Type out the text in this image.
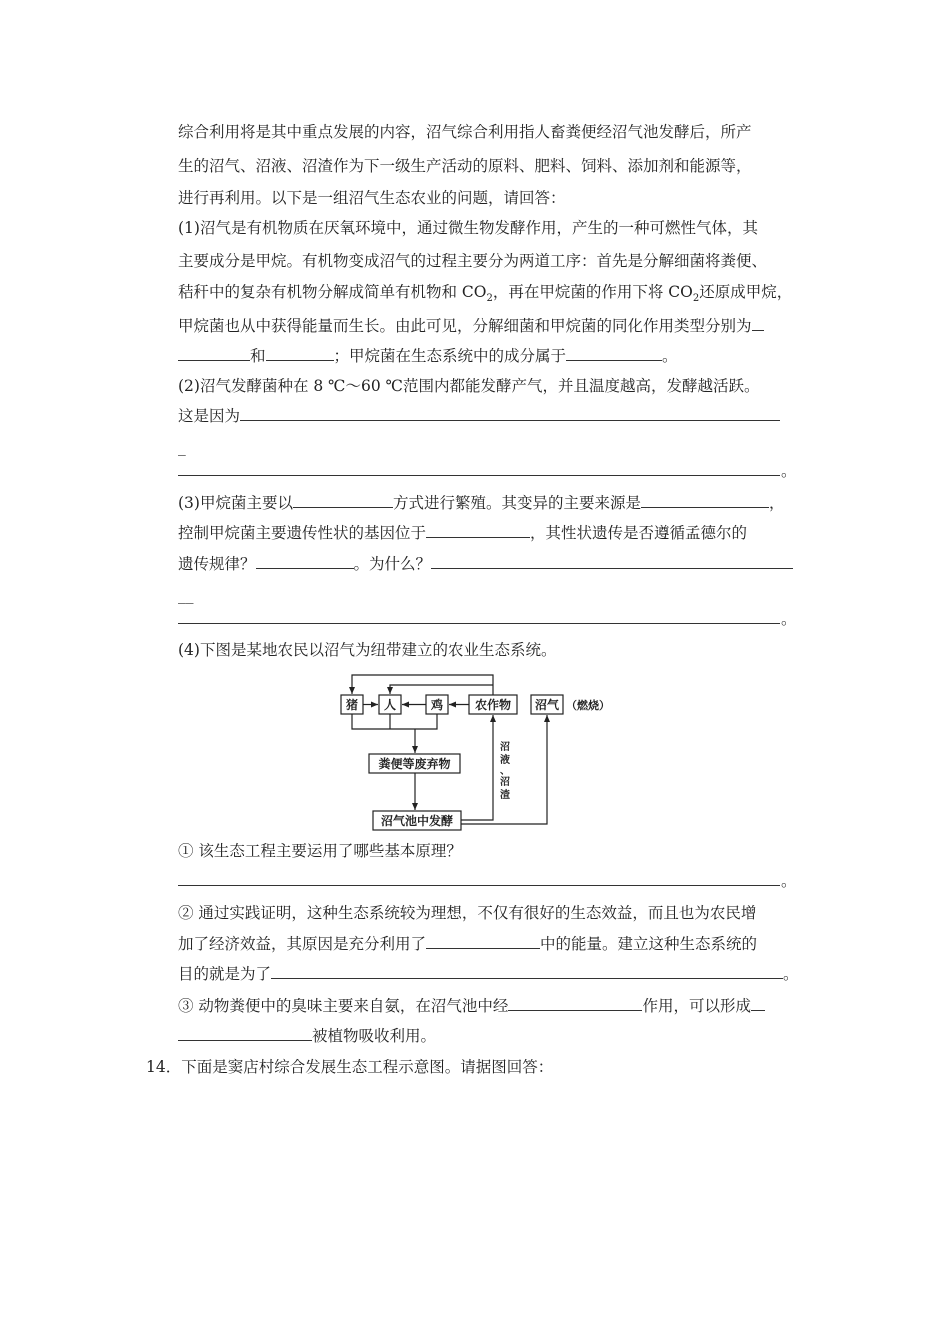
综合利用将是其中重点发展的内容，沼气综合利用指人畜粪便经沼气池发酵后，所产
生的沼气、沼液、沼渣作为下一级生产活动的原料、肥料、饲料、添加剂和能源等，
进行再利用。以下是一组沼气生态农业的问题，请回答：
(1)沼气是有机物质在厌氧环境中，通过微生物发酵作用，产生的一种可燃性气体，其
主要成分是甲烷。有机物变成沼气的过程主要分为两道工序：首先是分解细菌将粪便、
秸秆中的复杂有机物分解成简单有机物和 $CO_2$，再在甲烷菌的作用下将 $CO_2$还原成甲烷，
甲烷菌也从中获得能量而生长。由此可见，分解细菌和甲烷菌的同化作用类型分别为
和	；甲烷菌在生态系统中的成分属于	。
(2)沼气发酵菌种在 8 ℃～60 ℃范围内都能发酵产气，并且温度越高，发酵越活跃。
这是因为
_
。
(3)甲烷菌主要以	方式进行繁殖。其变异的主要来源是	，
控制甲烷菌主要遗传性状的基因位于	，其性状遗传是否遵循孟德尔的
遗传规律？	。为什么？
__
。
(4)下图是某地农民以沼气为纽带建立的农业生态系统。
猪 人	鸡	农作物 沼气 （燃烧）
粪便等废弃物
沼气池中发酵
沼
液
、
沼
渣
① 该生态工程主要运用了哪些基本原理？
。
② 通过实践证明，这种生态系统较为理想，不仅有很好的生态效益，而且也为农民增
加了经济效益，其原因是充分利用了	中的能量。建立这种生态系统的
目的就是为了	。
③ 动物粪便中的臭味主要来自氨，在沼气池中经	作用，可以形成
被植物吸收利用。
14．下面是窦店村综合发展生态工程示意图。请据图回答：
